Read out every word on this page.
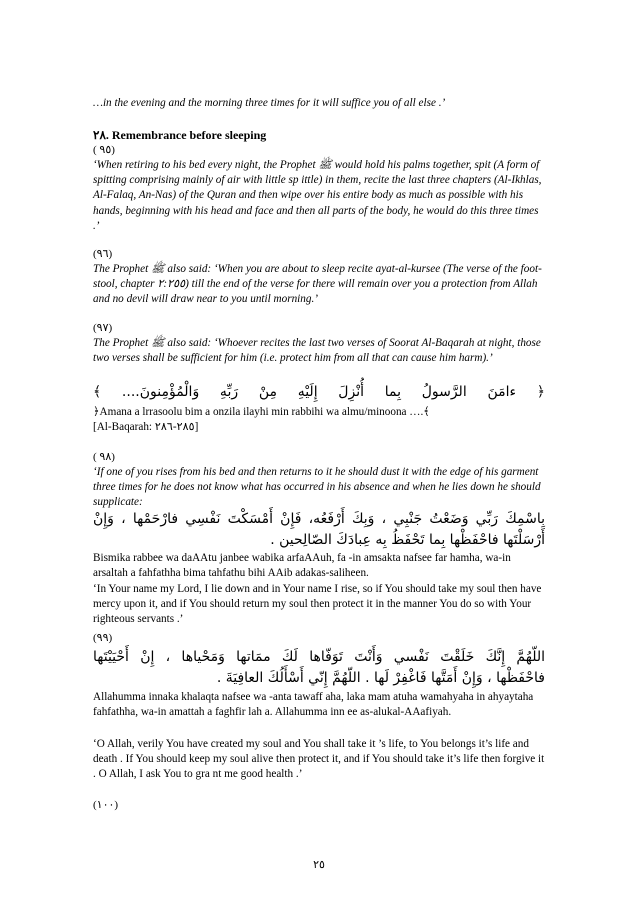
…in the evening and the morning three times for it will suffice you of all else .’

٢٨. Remembrance before sleeping

( ٩٥)

‘When retiring to his bed every night, the Prophet ﷺ would hold his palms together, spit (A form of spitting comprising mainly of air with little sp ittle) in them, recite the last three chapters (Al-Ikhlas, Al-Falaq, An-Nas) of the Quran and then wipe over his entire body as much as possible with his hands, beginning with his head and face and then all parts of the body, he would do this three times .’

(٩٦)

The Prophet ﷺ also said: ‘When you are about to sleep recite ayat-al-kursee (The verse of the foot-stool, chapter ٢:٢٥٥) till the end of the verse for there will remain over you a protection from Allah and no devil will draw near to you until morning.’

(٩٧)

The Prophet ﷺ also said: ‘Whoever recites the last two verses of Soorat Al-Baqarah at night, those two verses shall be sufficient for him (i.e. protect him from all that can cause him harm).’

﴿ ءامَنَ الرَّسولُ بِما أُنْزِلَ إِلَيْهِ مِنْ رَبِّهِ وَالْمُؤْمِنونَ.... ﴾

﴿Amana a lrrasoolu bim a onzila ilayhi min rabbihi wa almu/minoona ….﴾

[Al-Baqarah: ٢٨٥-٢٨٦]

( ٩٨)

‘If one of you rises from his bed and then returns to it he should dust it with the edge of his garment three times for he does not know what has occurred in his absence and when he lies down he should supplicate:

بِاسْمِكَ رَبِّي وَضَعْتُ جَنْبِي ، وَبِكَ أَرْفَعُه، فَإِنْ أَمْسَكْتَ نَفْسِي فارْحَمْها ، وَإِنْ

أَرْسَلْتَها فاحْفَظْها بِما تَحْفَظُ بِه عِبادَكَ الصّالِحين .

Bismika rabbee wa daAAtu janbee wabika arfaAAuh, fa -in amsakta nafsee far hamha, wa-in arsaltah a fahfathha bima tahfathu bihi AAib adakas-saliheen.

‘In Your name my Lord, I lie down and in Your name I rise, so if You should take my soul then have mercy upon it, and if You should return my soul then protect it in the manner You do so with Your righteous servants .’

(٩٩)

اللّهُمَّ إِنَّكَ خَلَقْتَ نَفْسي وَأَنْتَ تَوَفّاها لَكَ ممَاتها وَمَحْياها ، إِنْ أَحْيَيْتَها

فاحْفَظْها ، وَإِنْ أَمَتَّها فَاغْفِرْ لَها . اللّهُمَّ إِنّي أَسْأَلُكَ العافِيَةَ .

Allahumma innaka khalaqta nafsee wa -anta tawaff aha, laka mam atuha wamahyaha in ahyaytaha fahfathha, wa-in amattah a faghfir lah a. Allahumma inn ee as-alukal-AAafiyah.

‘O Allah, verily You have created my soul and You shall take it ’s life, to You belongs it’s life and death . If You should keep my soul alive then protect it, and if You should take it’s life then forgive it . O Allah, I ask You to gra nt me good health .’

(١٠٠)

٢٥
